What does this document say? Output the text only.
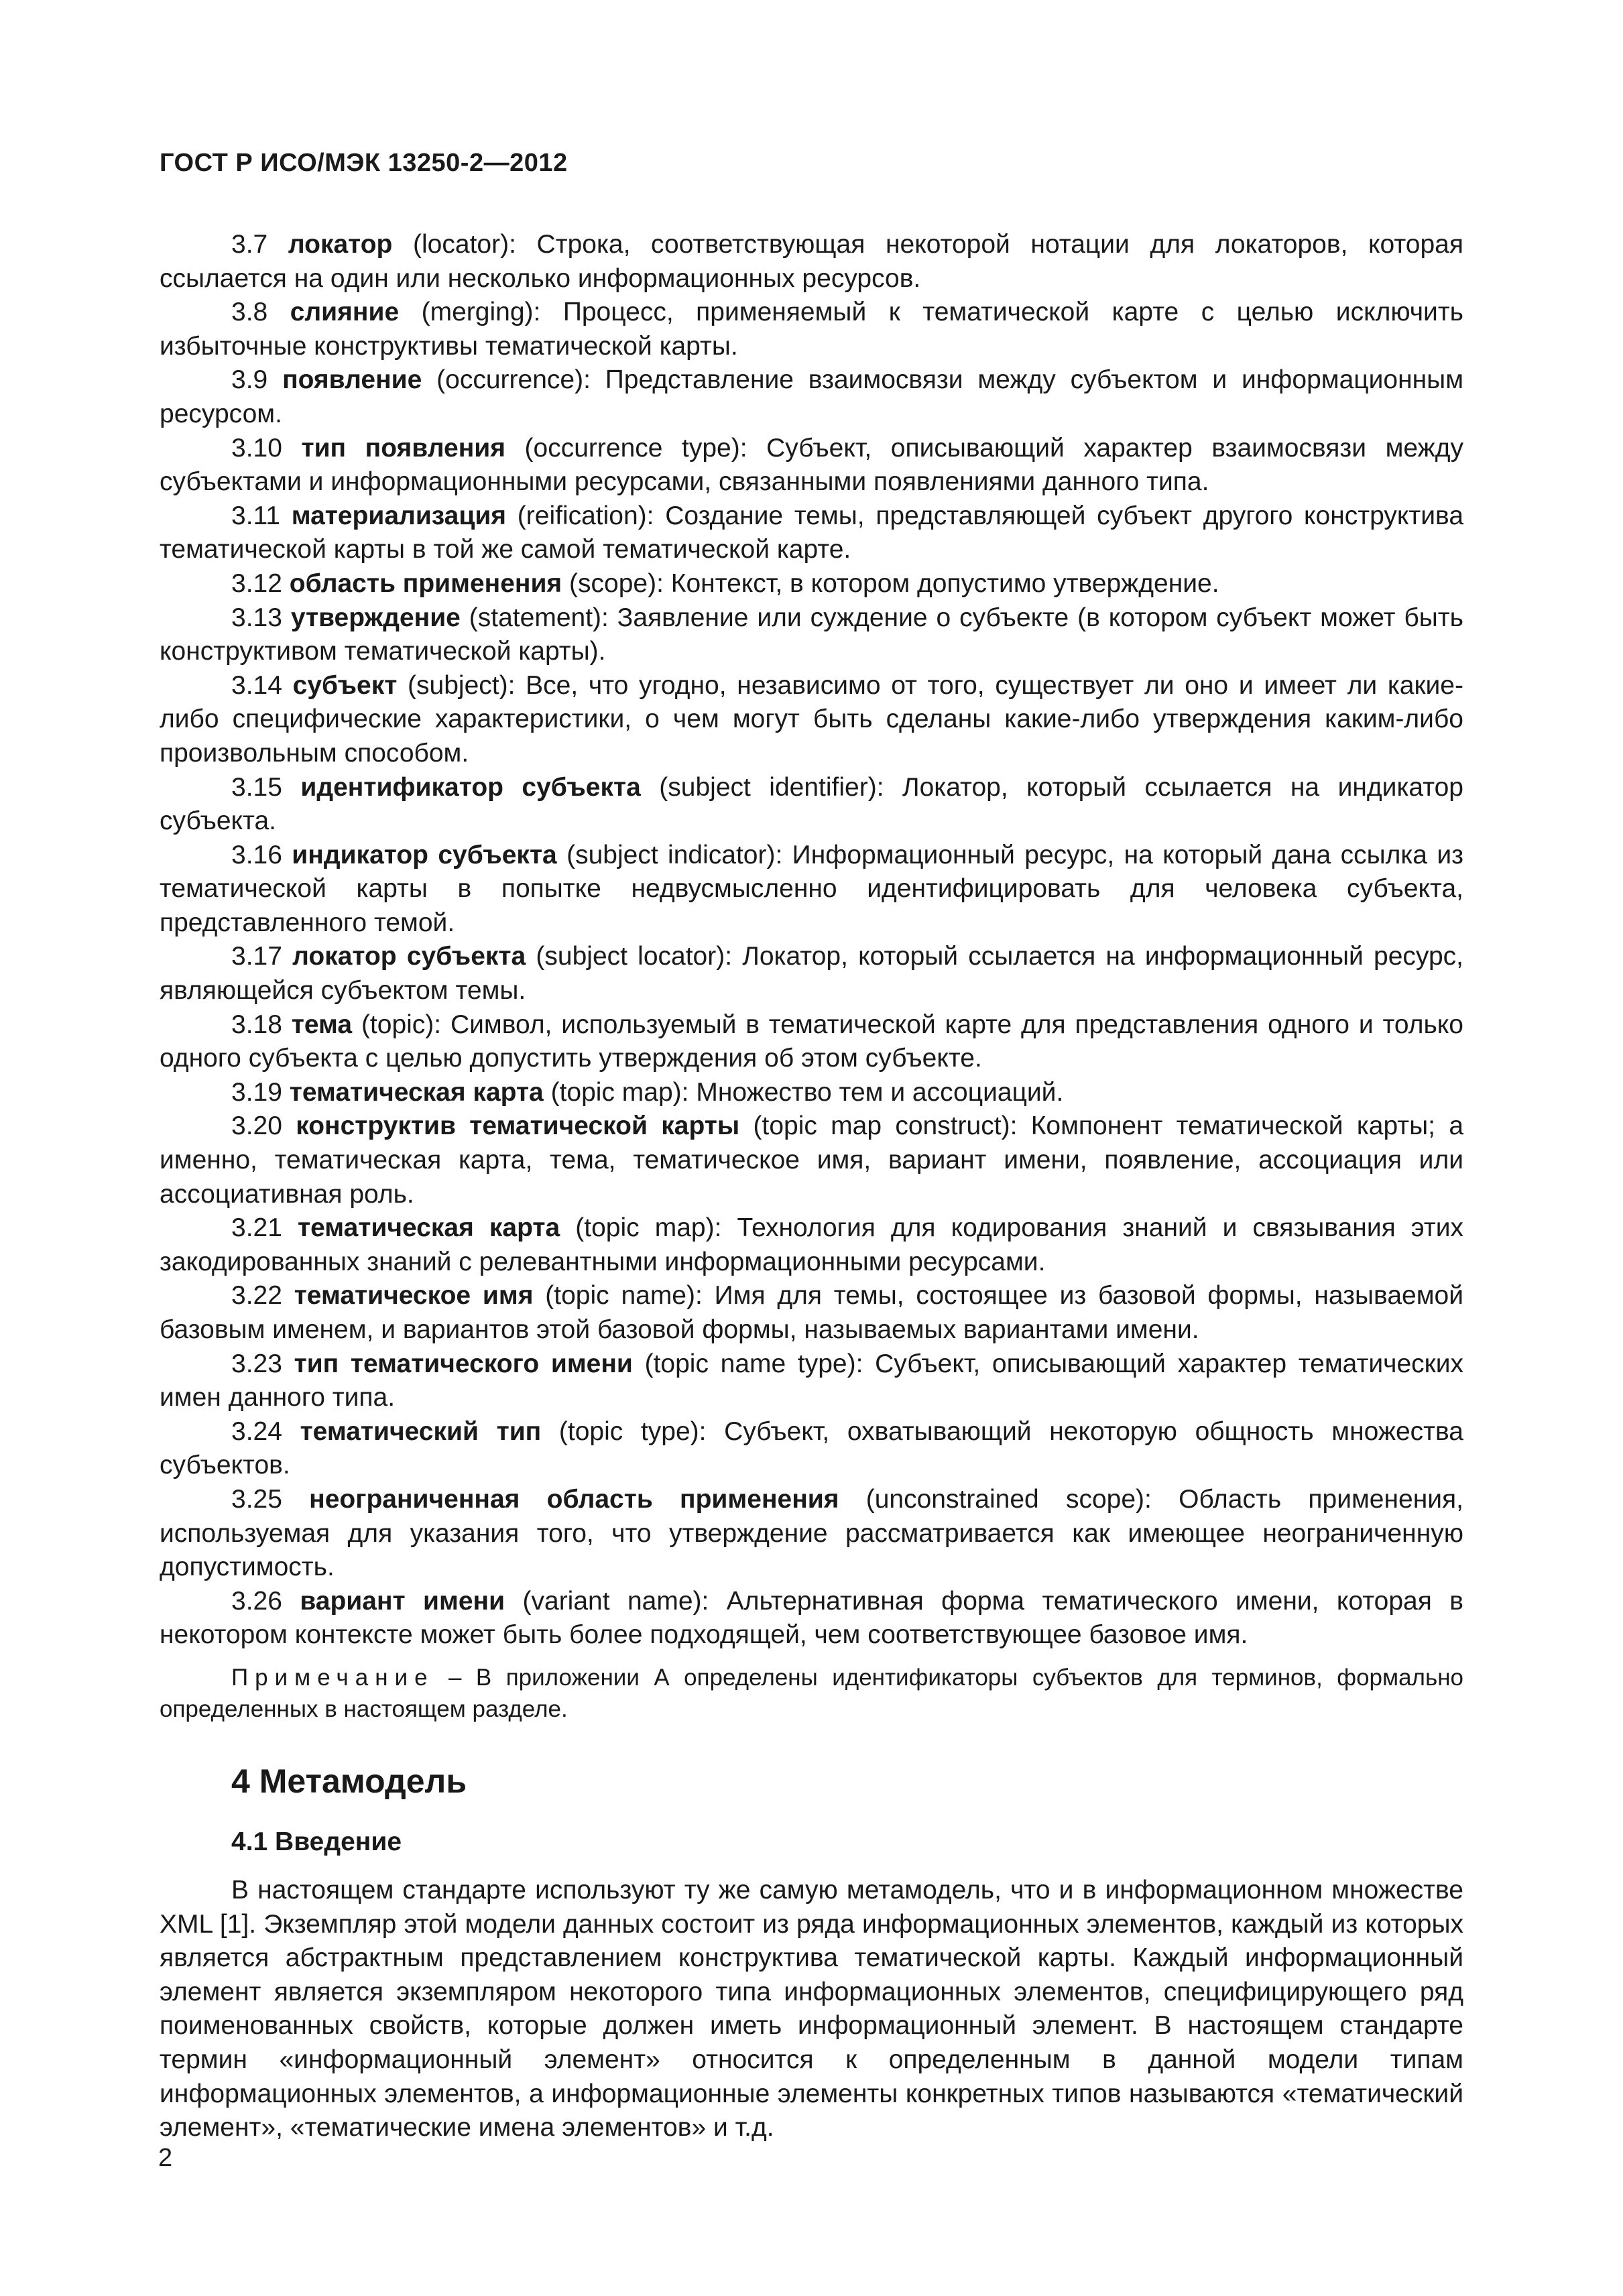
ГОСТ Р ИСО/МЭК 13250-2—2012

3.7 локатор (locator): Строка, соответствующая некоторой нотации для локаторов, которая ссылается на один или несколько информационных ресурсов.

3.8 слияние (merging): Процесс, применяемый к тематической карте с целью исключить избыточные конструктивы тематической карты.

3.9 появление (occurrence): Представление взаимосвязи между субъектом и информационным ресурсом.

3.10 тип появления (occurrence type): Субъект, описывающий характер взаимосвязи между субъектами и информационными ресурсами, связанными появлениями данного типа.

3.11 материализация (reification): Создание темы, представляющей субъект другого конструктива тематической карты в той же самой тематической карте.

3.12 область применения (scope): Контекст, в котором допустимо утверждение.

3.13 утверждение (statement): Заявление или суждение о субъекте (в котором субъект может быть конструктивом тематической карты).

3.14 субъект (subject): Все, что угодно, независимо от того, существует ли оно и имеет ли какие-либо специфические характеристики, о чем могут быть сделаны какие-либо утверждения каким-либо произвольным способом.

3.15 идентификатор субъекта (subject identifier): Локатор, который ссылается на индикатор субъекта.

3.16 индикатор субъекта (subject indicator): Информационный ресурс, на который дана ссылка из тематической карты в попытке недвусмысленно идентифицировать для человека субъекта, представленного темой.

3.17 локатор субъекта (subject locator): Локатор, который ссылается на информационный ресурс, являющейся субъектом темы.

3.18 тема (topic): Символ, используемый в тематической карте для представления одного и только одного субъекта с целью допустить утверждения об этом субъекте.

3.19 тематическая карта (topic map): Множество тем и ассоциаций.

3.20 конструктив тематической карты (topic map construct): Компонент тематической карты; а именно, тематическая карта, тема, тематическое имя, вариант имени, появление, ассоциация или ассоциативная роль.

3.21 тематическая карта (topic map): Технология для кодирования знаний и связывания этих закодированных знаний с релевантными информационными ресурсами.

3.22 тематическое имя (topic name): Имя для темы, состоящее из базовой формы, называемой базовым именем, и вариантов этой базовой формы, называемых вариантами имени.

3.23 тип тематического имени (topic name type): Субъект, описывающий характер тематических имен данного типа.

3.24 тематический тип (topic type): Субъект, охватывающий некоторую общность множества субъектов.

3.25 неограниченная область применения (unconstrained scope): Область применения, используемая для указания того, что утверждение рассматривается как имеющее неограниченную допустимость.

3.26 вариант имени (variant name): Альтернативная форма тематического имени, которая в некотором контексте может быть более подходящей, чем соответствующее базовое имя.

Примечание – В приложении А определены идентификаторы субъектов для терминов, формально определенных в настоящем разделе.

4 Метамодель
4.1 Введение

В настоящем стандарте используют ту же самую метамодель, что и в информационном множестве XML [1]. Экземпляр этой модели данных состоит из ряда информационных элементов, каждый из которых является абстрактным представлением конструктива тематической карты. Каждый информационный элемент является экземпляром некоторого типа информационных элементов, специфицирующего ряд поименованных свойств, которые должен иметь информационный элемент. В настоящем стандарте термин «информационный элемент» относится к определенным в данной модели типам информационных элементов, а информационные элементы конкретных типов называются «тематический элемент», «тематические имена элементов» и т.д.

2
